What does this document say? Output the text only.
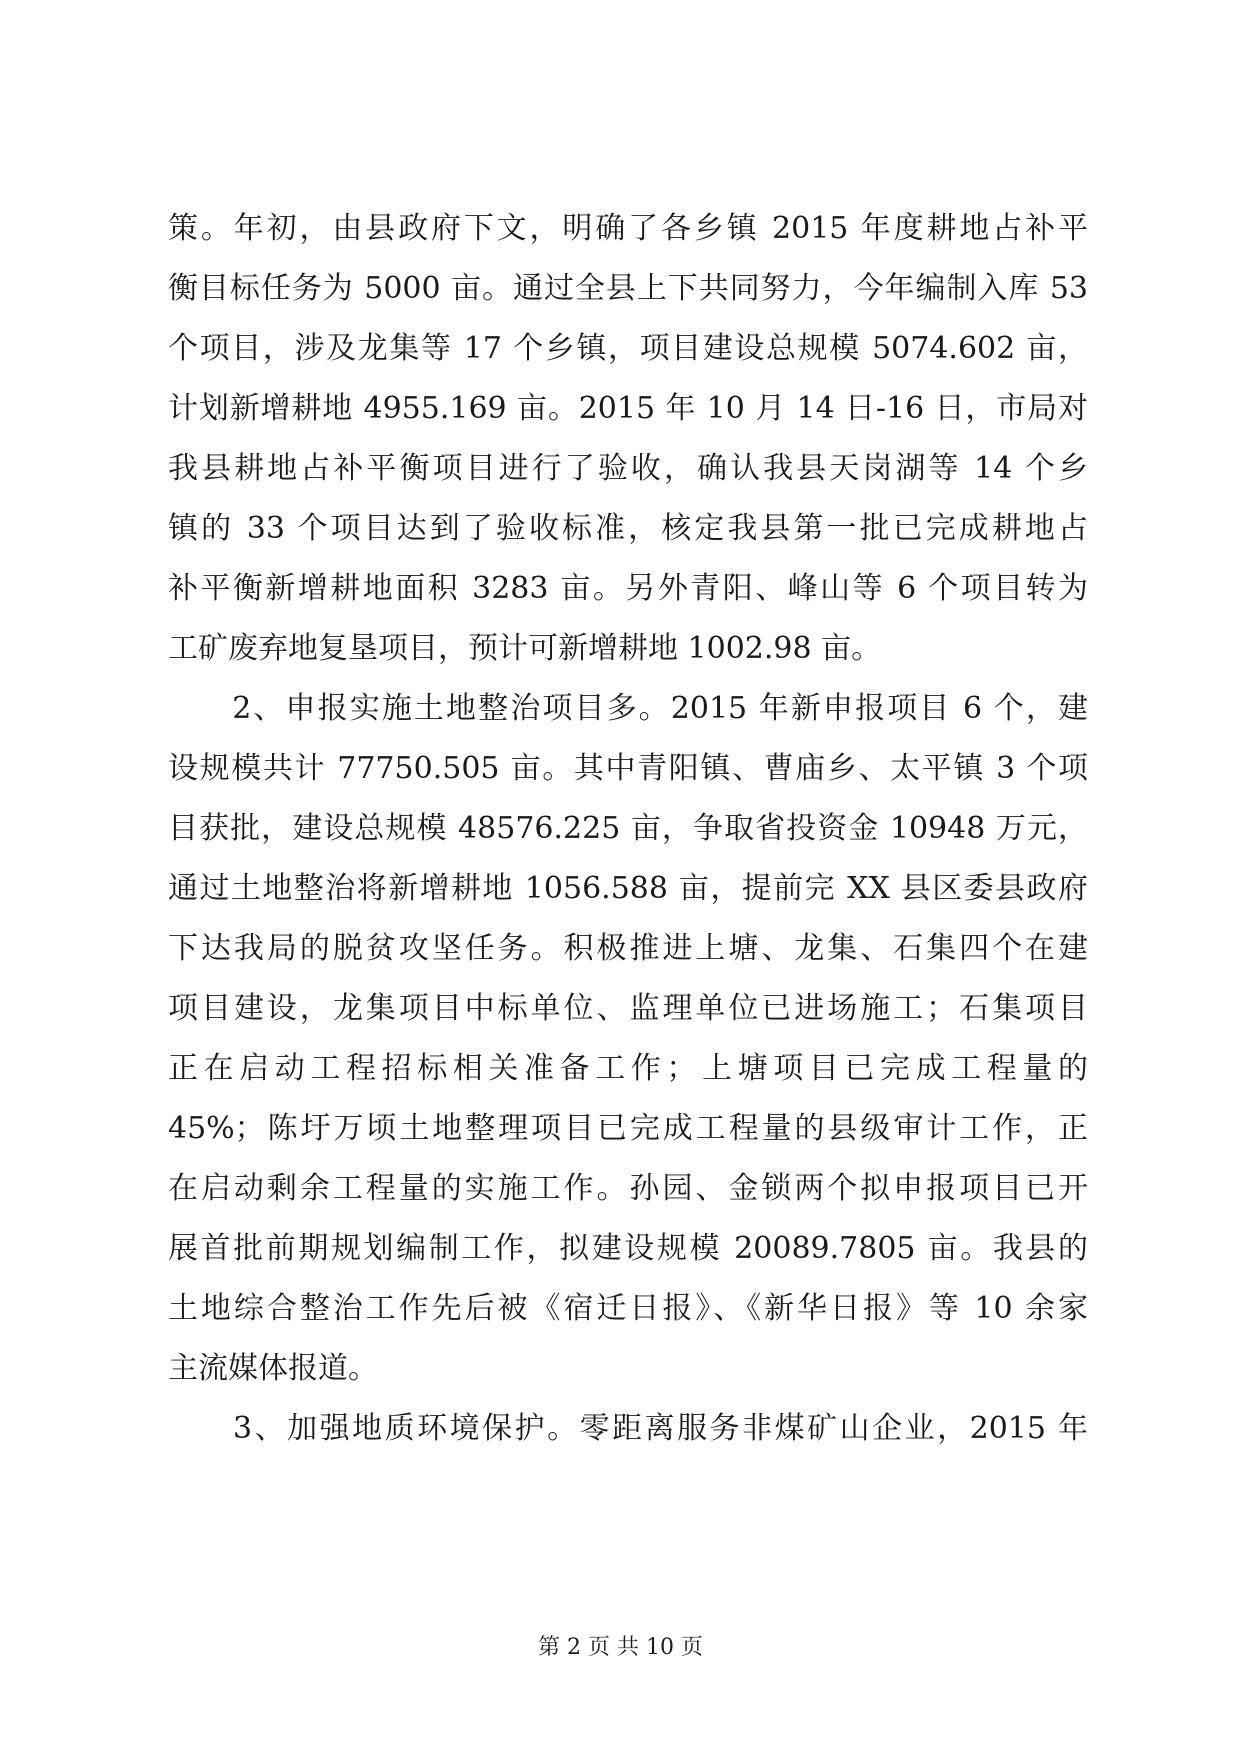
策。年初，由县政府下文，明确了各乡镇 2015 年度耕地占补平
衡目标任务为 5000 亩。通过全县上下共同努力，今年编制入库 53
个项目，涉及龙集等 17 个乡镇，项目建设总规模 5074.602 亩，
计划新增耕地 4955.169 亩。2015 年 10 月 14 日-16 日，市局对
我县耕地占补平衡项目进行了验收，确认我县天岗湖等 14 个乡
镇的 33 个项目达到了验收标准，核定我县第一批已完成耕地占
补平衡新增耕地面积 3283 亩。另外青阳、峰山等 6 个项目转为
工矿废弃地复垦项目，预计可新增耕地 1002.98 亩。
　　2、申报实施土地整治项目多。2015 年新申报项目 6 个，建
设规模共计 77750.505 亩。其中青阳镇、曹庙乡、太平镇 3 个项
目获批，建设总规模 48576.225 亩，争取省投资金 10948 万元，
通过土地整治将新增耕地 1056.588 亩，提前完 XX 县区委县政府
下达我局的脱贫攻坚任务。积极推进上塘、龙集、石集四个在建
项目建设，龙集项目中标单位、监理单位已进场施工；石集项目
正在启动工程招标相关准备工作；上塘项目已完成工程量的
45%；陈圩万顷土地整理项目已完成工程量的县级审计工作，正
在启动剩余工程量的实施工作。孙园、金锁两个拟申报项目已开
展首批前期规划编制工作，拟建设规模 20089.7805 亩。我县的
土地综合整治工作先后被《宿迁日报》、《新华日报》等 10 余家
主流媒体报道。
　　3、加强地质环境保护。零距离服务非煤矿山企业，2015 年
第 2 页 共 10 页
